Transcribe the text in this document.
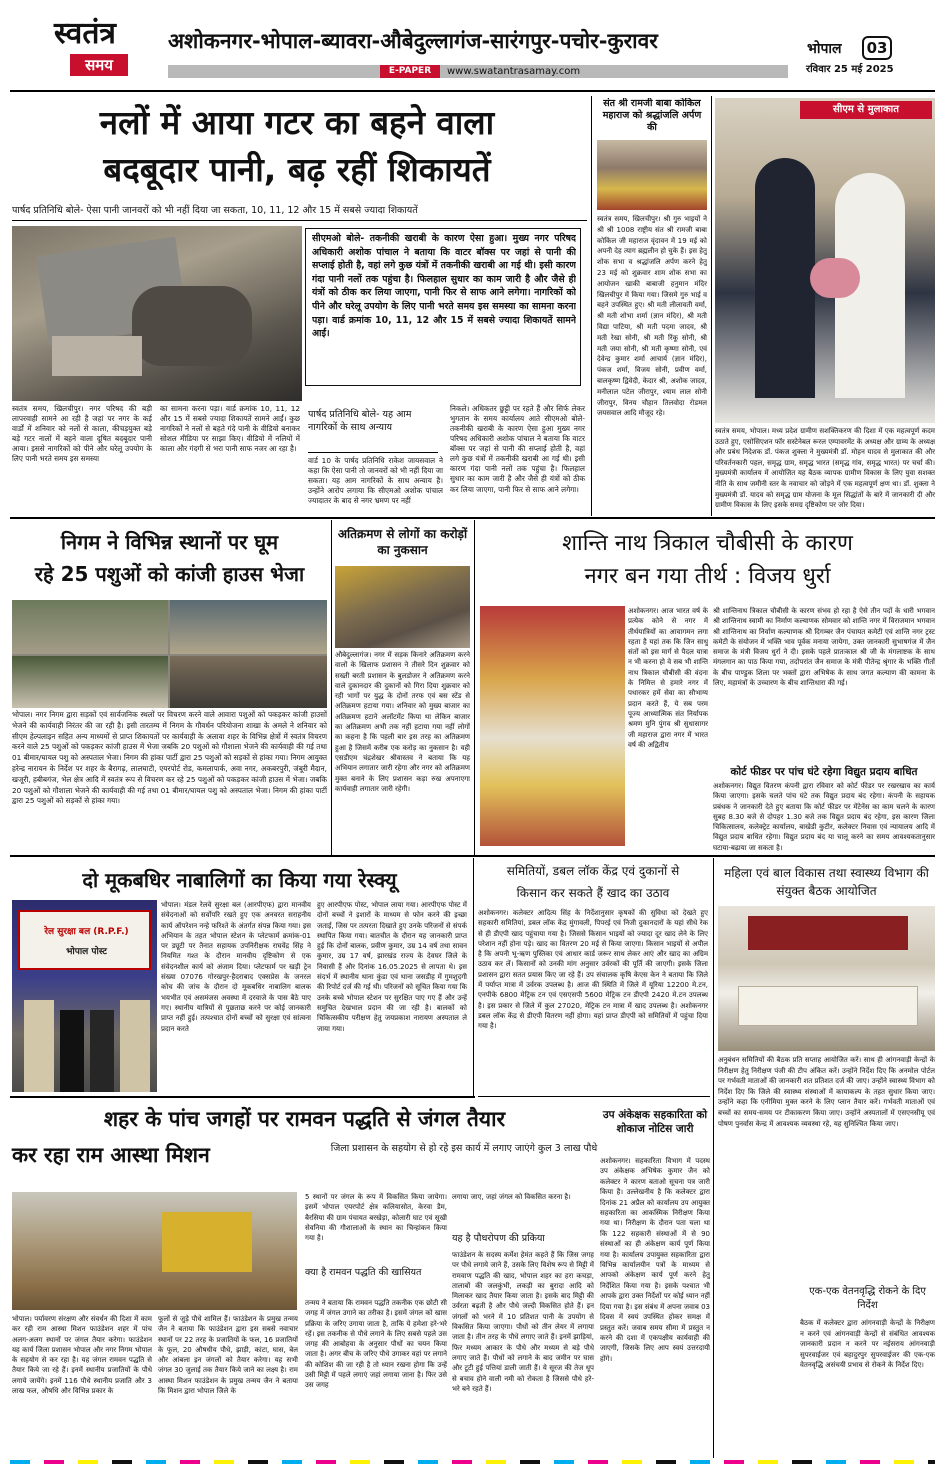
स्वतंत्र
समय
अशोकनगर-भोपाल-ब्यावरा-औबेदुल्लागंज-सारंगपुर-पचोर-कुरावर
E-PAPER	www.swatantrasamay.com
भोपाल	03
रविवार 25 मई 2025
नलों में आया गटर का बहने वाला
बदबूदार पानी, बढ़ रहीं शिकायतें
पार्षद प्रतिनिधि बोले- ऐसा पानी जानवरों को भी नहीं दिया जा सकता, 10, 11, 12 और 15 में सबसे ज्यादा शिकायतें
सीएमओ बोले- तकनीकी खराबी के कारण ऐसा हुआ। मुख्य नगर परिषद अधिकारी अशोक पांचाल ने बताया कि वाटर बॉक्स पर जहां से पानी की सप्लाई होती है, वहां लगे कुछ यंत्रों में तकनीकी खराबी आ गई थी। इसी कारण गंदा पानी नलों तक पहुंचा है। फिलहाल सुधार का काम जारी है और जैसे ही यंत्रों को ठीक कर लिया जाएगा, पानी फिर से साफ आने लगेगा। नागरिकों को पीने और घरेलू उपयोग के लिए पानी भरते समय इस समस्या का सामना करना पड़ा। वार्ड क्रमांक 10, 11, 12 और 15 में सबसे ज्यादा शिकायतें सामने आईं।
स्वतंत्र समय, खिलचीपुर। नगर परिषद की बड़ी लापरवाही सामने आ रही है जहां पर नगर के कई वार्डों में शनिवार को नलों से काला, कीचड़युक्त बड़े बड़े गटर नालों में बहने वाला दूषित बदबूदार पानी आया। इससे नागरिकों को पीने और घरेलू उपयोग के लिए पानी भरते समय इस समस्या
का सामना करना पड़ा। वार्ड क्रमांक 10, 11, 12 और 15 में सबसे ज्यादा शिकायतें सामने आईं। कुछ नागरिकों ने नलों से बहते गंदे पानी के वीडियो बनाकर सोशल मीडिया पर साझा किए। वीडियो में नलियों में काला और गंदगी से भरा पानी साफ नजर आ रहा है।
पार्षद प्रतिनिधि बोले- यह आम नागरिकों के साथ अन्याय
वार्ड 10 के पार्षद प्रतिनिधि राकेश जायसवाल ने कहा कि ऐसा पानी तो जानवरों को भी नहीं दिया जा सकता। यह आम नागरिकों के साथ अन्याय है। उन्होंने आरोप लगाया कि सीएमओ अशोक पांचाल ज्यादातर के बाद से नगर भ्रमण पर नहीं
निकले। अधिकतर छुट्टी पर रहते हैं और सिर्फ लेकर भुगतान के समय कार्यालय आते सीएमओ बोले- तकनीकी खराबी के कारण ऐसा हुआ मुख्य नगर परिषद अधिकारी अशोक पांचाल ने बताया कि वाटर बॉक्स पर जहां से पानी की सप्लाई होती है, वहां लगे कुछ यंत्रों में तकनीकी खराबी आ गई थी। इसी कारण गंदा पानी नलों तक पहुंचा है। फिलहाल सुधार का काम जारी है और जैसे ही यंत्रों को ठीक कर लिया जाएगा, पानी फिर से साफ आने लगेगा।
संत श्री रामजी बाबा कोकिल महाराज को श्रद्धांजलि अर्पण की
स्वतंत्र समय, खिलचीपुर। श्री गुरु भाइयों ने श्री श्री 1008 राष्ट्रीय संत श्री रामजी बाबा कोकिल जी महाराज वृंदावन में 19 मई को अपनी देह त्याग ब्रह्मलीन हो चुके हैं। इस हेतु शोक सभा व श्रद्धांजलि अर्पण करने हेतु 23 मई को शुक्रवार शाम शोक सभा का आयोजन खाकी बाबाजी हनुमान मंदिर खिलचीपुर में किया गया। जिसमे गुरु भाई व बहने उपस्थित हुए। श्री मती लीलावती वर्मा, श्री मती शोभा शर्मा (ज्ञान मंदिर), श्री मती विद्या पाटिया, श्री मती पदमा जादव, श्री मती रेखा सोनी, श्री मती रिंकू सोनी, श्री मती जया सोनी, श्री मती कृष्णा सोनी, एवं देवेन्द्र कुमार शर्मा आचार्य (ज्ञान मंदिर), पंकज शर्मा, विजय सोनी, प्रवीण वर्मा, बालकृष्ण द्विवेदी, केदार श्री, अशोक जादव, मनीलाल पटेल जीरापुर, श्याम लाल सोनी जीरापुर, विनय चौहान तिलवोदा रोडमल जयसवाल आदि मौजूद रहे।
सीएम से मुलाकात
स्वतंत्र समय, भोपाल। मध्य प्रदेश ग्रामीण सशक्तिकरण की दिशा में एक महत्वपूर्ण कदम उठाते हुए, एसोसिएशन फॉर सस्टेनेबल रूरल एम्पावरमेंट के अध्यक्ष और ग्राम्य के अध्यक्ष और प्रबंध निदेशक डॉ. पंकज शुक्ला ने मुख्यमंत्री डॉ. मोहन यादव से मुलाकात की और परिवर्तनकारी पहल, समृद्ध ग्राम, समृद्ध भारत (समृद्ध गांव, समृद्ध भारत) पर चर्चा की। मुख्यमंत्री कार्यालय में आयोजित यह बैठक व्यापक ग्रामीण विकास के लिए युवा सशक्त नीति के साथ जमीनी स्तर के नवाचार को जोड़ने में एक महत्वपूर्ण क्षण था। डॉ. शुक्ला ने मुख्यमंत्री डॉ. यादव को समृद्ध ग्राम योजना के मूल सिद्धांतों के बारे में जानकारी दी और ग्रामीण विकास के लिए इसके समग्र दृष्टिकोण पर जोर दिया।
निगम ने विभिन्न स्थानों पर घूम
रहे 25 पशुओं को कांजी हाउस भेजा
भोपाल। नगर निगम द्वारा सड़कों एवं सार्वजनिक स्थलों पर विचरण करने वाले आवारा पशुओं को पकड़कर कांजी हाउसों भेजने की कार्यवाही निरंतर की जा रही है। इसी तारतम्य में निगम के गौवर्धन परियोजना शाखा के अमले ने शनिवार को सीएम हेल्पलाइन सहित अन्य माध्यमों से प्राप्त शिकायतों पर कार्यवाही के अलावा शहर के विभिन्न क्षेत्रों में स्वतंत्र विचरण करने वाले 25 पशुओं को पकड़कर कांजी हाउस में भेजा जबकि 20 पशुओं को गौशाला भेजने की कार्यवाही की गई तथा 01 बीमार/घायल पशु को अस्पताल भेजा। निगम की हांका पार्टी द्वारा 25 पशुओं को सड़कों से हांका गया। निगम आयुक्त हरेन्द्र नारायन के निर्देश पर शहर के बैरागढ़, लालघाटी, एयरपोर्ट रोड, कमलापार्क, अवा नगर, अकबरपुरी, जंबूरी मैदान, खजूरी, हबीबगंज, भेल क्षेत्र आदि में स्वतंत्र रूप से विचरण कर रहे 25 पशुओं को पकड़कर कांजी हाउस में भेजा। जबकि 20 पशुओं को गौशाला भेजने की कार्यवाही की गई तथा 01 बीमार/घायल पशु को अस्पताल भेजा। निगम की हांका पार्टी द्वारा 25 पशुओं को सड़कों से हांका गया।
अतिक्रमण से लोगों का करोड़ों का नुकसान
औबेदुल्लागंज। नगर में सड़क किनारे अतिक्रमण करने वालों के खिलाफ प्रशासन ने तीसरे दिन शुक्रवार को सख्ती बरती प्रशासन के बुलडोजर ने अतिक्रमण करने वाले दुकानदार की दुकानों को गिरा दिया शुक्रवार को रही भागों पर युद्ध के दोनों तरफ एवं बस स्टेंड से अतिक्रमण हटाया गया। शनिवार को मुख्य बाजार का अतिक्रमण हटाने अलॉटमेंट किया था लेकिन बाजार का अतिक्रमण अभी तक नहीं हटाया गया नहीं लोगों का कहना है कि पहली बार इस तरह का अतिक्रमण हुआ है जिसमें करीब एक करोड़ का नुकसान है। वही एसडीएम चंद्रशेखर श्रीवास्तव ने बताया कि यह अभियान लगातार जारी रहेगा और नगर को अतिक्रमण मुक्त बनाने के लिए प्रशासन कड़ा रुख अपनाएगा कार्यवाही लगातार जारी रहेगी।
शान्ति नाथ त्रिकाल चौबीसी के कारण
नगर बन गया तीर्थ : विजय धुर्रा
अशोकनगर। आज भारत वर्ष के प्रत्येक कोने से नगर में तीर्थयात्रियों का आवागमन लगा रहता है यहां तक कि जिन साधु संतों को इस मार्ग से पैदल यात्रा न भी करना हो वे सब भी शान्ति नाथ त्रिकाल चौबीसी की वंदना के निमित्त से हमारे नगर में पधारकर हमें सेवा का सौभाग्य प्रदान करते हैं, ये सब परम पूज्य आध्यात्मिक संत निर्यापक श्रमण मुनि पुंगव श्री सुधासागर जी महाराज द्वारा नगर में भारत वर्ष की अद्वितीय
श्री शान्तिनाथ त्रिकाल चौबीसी के कारण संभव हो रहा है ऐसे तीन पदों के धारी भगवान श्री शान्तिनाथ स्वामी का निर्माण कल्याणक सोमवार को शान्ति नगर में विराजमान भगवान श्री शान्तिनाथ का निर्वाण कल्याणक श्री दिगम्बर जैन पंचायत कमेटी एवं शान्ति नगर ट्रस्ट कमेटी के संयोजन में भक्ति भाव पूर्वक मनाया जायेगा, उक्त जानकारी सुभाषगंज में जैन समाज के मंत्री विजय धुर्रा ने दी। इसके पहले प्रातःकाल श्री जी के मंगलाष्टक के साथ मंगलगान का पाठ किया गया, तदोपरांत जैन समाज के मंत्री पीतेन्द्र श्रृंगार के भक्ति गीतों के बीच पाण्डुक शिला पर भक्तों द्वारा अभिषेक के साथ जगत कल्याण की कामना के लिए, महामंत्रों के उच्चारण के बीच शान्तिधारा की गई।
कोर्ट फीडर पर पांच घंटे रहेगा विद्युत प्रदाय बाधित
अशोकनगर। विद्युत वितरण कंपनी द्वारा रविवार को कोर्ट फीडर पर रखरखाव का कार्य किया जाएगा। इसके चलते पांच घंटे तक विद्युत प्रदाय बंद रहेगा। कंपनी के सहायक प्रबंधक ने जानकारी देते हुए बताया कि कोर्ट फीडर पर मेंटेनेंस का काम चलने के कारण सुबह 8.30 बजे से दोपहर 1.30 बजे तक विद्युत प्रदाय बंद रहेगा, इस कारण जिला चिकित्सालय, कलेक्ट्रेट कार्यालय, बाखेडी कुटीर, कलेक्टर निवास एवं न्यायालय आदि में विद्युत प्रदाय बाधित रहेगा। विद्युत प्रदाय बंद या चालू करने का समय आवश्यकतानुसार घटाया-बढ़ाया जा सकता है।
दो मूकबधिर नाबालिगों का किया गया रेस्क्यू
रेल सुरक्षा बल (R.P.F.)
भोपाल पोस्ट
भोपाल। मंडल रेलवे सुरक्षा बल (आरपीएफ) द्वारा मानवीय संवेदनाओं को सर्वोपरि रखते हुए एक अनवरत सराहनीय कार्य ऑपरेशन नन्हे फरिश्ते के अंतर्गत संपन्न किया गया। इस अभियान के तहत भोपाल स्टेशन के प्लेटफार्म क्रमांक-01 पर ड्यूटी पर तैनात सहायक उपनिरीक्षक राघवेंद्र सिंह ने नियमित गश्त के दौरान मानवीय दृष्टिकोण से एक संवेदनशील कार्य को अंजाम दिया। प्लेटफार्म पर खड़ी ट्रेन संख्या 07076 गोरखपुर-हैदराबाद एक्सप्रेस के जनरल कोच की जांच के दौरान दो मूकबधिर नाबालिग बालक भयभीत एवं असमंजस अवस्था में दरवाजे के पास बैठे पाए गए। स्थानीय यात्रियों से पूछताछ करने पर कोई जानकारी प्राप्त नहीं हुई। तत्पश्चात दोनों बच्चों को सुरक्षा एवं सांत्वना प्रदान करते
हुए आरपीएफ पोस्ट, भोपाल लाया गया। आरपीएफ पोस्ट में दोनों बच्चों ने इशारों के माध्यम से फोन करने की इच्छा जताई, जिस पर तत्परता दिखाते हुए उनके परिजनों से संपर्क स्थापित किया गया। बातचीत के दौरान यह जानकारी प्राप्त हुई कि दोनों बालक, प्रवीण कुमार, उम्र 14 वर्ष तथा सावन कुमार, उम्र 17 वर्ष, झारखंड राज्य के देवघर जिले के निवासी हैं और दिनांक 16.05.2025 से लापता थे। इस संदर्भ में स्थानीय थाना कुंडा एवं थाना जसडीह में गुमशुदगी की रिपोर्ट दर्ज की गई थी। परिजनों को सूचित किया गया कि उनके बच्चे भोपाल स्टेशन पर सुरक्षित पाए गए हैं और उन्हें समुचित देखभाल प्रदान की जा रही है। बालकों को चिकित्सकीय परीक्षण हेतु जयप्रकाश नारायण अस्पताल ले जाया गया।
समितियों, डबल लॉक केंद्र एवं दुकानों से
किसान कर सकते हैं खाद का उठाव
अशोकनगर। कलेक्टर आदित्य सिंह के निर्देशानुसार कृषकों की सुविधा को देखते हुए सहकारी समितियां, डबल लॉक केंद्र मुंगावली, पिपरई एवं निजी दुकानदारों के यहां सीधे रेक से ही डीएपी खाद पहुंचाया गया है। जिससे किसान भाइयों को ज्यादा दूर खाद लेने के लिए परेशान नहीं होना पड़े। खाद का वितरण 20 मई से किया जाएगा। किसान भाइयों से अपील है कि अपनी भू-ऋण पुस्तिका एवं आधार कार्ड जरूर साथ लेकर आएं और खाद का अग्रिम उठाव कर लें। किसानों को उनकी मांग अनुसार उर्वरकों की पूर्ति की जाएगी। इसके जिला प्रशासन द्वारा सतत प्रयास किए जा रहे हैं। उप संचालक कृषि केएस केन ने बताया कि जिले में पर्याप्त मात्रा में उर्वरक उपलब्ध है। आज की स्थिति में जिले में यूरिया 12200 मे.टन, एनपीके 6800 मेट्रिक टन एवं एसएसपी 5600 मेट्रिक टन डीएपी 2420 मे.टन उपलब्ध है। इस प्रकार से जिले में कुल 27020, मेट्रिक टन मात्रा में खाद उपलब्ध है। अशोकनगर डबल लॉक केंद्र से डीएपी वितरण नहीं होगा। यहां प्राप्त डीएपी को समितियों में पहुंचा दिया गया है।
महिला एवं बाल विकास तथा स्वास्थ्य विभाग की संयुक्त बैठक आयोजित
अनुबंधन समितियों की बैठक प्रति सप्ताह आयोजित करें। साथ ही आंगनवाड़ी केन्द्रों के निरीक्षण हेतु निरीक्षण पंजी की टीप अंकित करें। उन्होंने निर्देश दिए कि अनमोल पोर्टल पर गर्भवती माताओं की जानकारी शत प्रतिशत दर्ज की जाए। उन्होंने स्वास्थ्य विभाग को निर्देश दिए कि जिले की स्वास्थ्य संस्थाओं में कायाकल्प के तहत सुधार किया जाए। उन्होंने कहा कि एनीमिया मुक्त करने के लिए प्लान तैयार करें। गर्भवती माताओं एवं बच्चों का समय-समय पर टीकाकरण किया जाए। उन्होंने अस्पतालों में एसएनसीयू एवं पोषण पुनर्वास केन्द्र में आवश्यक व्यवस्था रहे, यह सुनिश्चित किया जाए।
एक-एक वेतनवृद्धि रोकने के दिए निर्देश
बैठक में कलेक्टर द्वारा आंगनवाड़ी केन्द्रों के निरीक्षण न करने एवं आंगनवाड़ी केन्द्रों से संबंधित आवश्यक जानकारी प्रदान न करने पर नईसराय आंगनवाड़ी सुपरवाईजर एवं बहादुरपुर सुपरवाईजर की एक-एक वेतनवृद्धि असंचयी प्रभाव से रोकने के निर्देश दिए।
उप अंकेक्षक सहकारिता को शोकाज नोटिस जारी
शहर के पांच जगहों पर रामवन पद्धति से जंगल तैयार
कर रहा राम आस्था मिशन	जिला प्रशासन के सहयोग से हो रहे इस कार्य में लगाए जाएंगे कुल 3 लाख पौधे
भोपाल। पर्यावरण संरक्षण और संवर्धन की दिशा में काम कर रही राम आस्था मिशन फाउंडेशन शहर में पांच अलग-अलग स्थानों पर जंगल तैयार करेगा। फाउंडेशन यह कार्य जिला प्रशासन भोपाल और नगर निगम भोपाल के सहयोग से कर रहा है। यह जंगल रामवन पद्धति से तैयार किये जा रहे हैं। इनमें स्थानीय प्रजातियों के पौधे लगाये जायेंगे। इनमें 116 पौधे स्थानीय प्रजाति और 3 लाख फल, औषधि और विभिन्न प्रकार के
फूलों से जुड़े पौधे शामिल हैं। फाउंडेशन के प्रमुख तन्मय जैन ने बताया कि फाउंडेशन द्वारा इस सबसे नवाचार स्थानों पर 22 तरह के प्रजातियों के फल, 16 प्रजातियों के फूल, 20 औषधीय पौधे, झाड़ी, कांटा, घास, बेल और आंबला इन जंगलों को तैयार करेगा। यह सभी जंगल 30 जुलाई तक तैयार किये जाने का लक्ष्य है। राम आस्था मिशन फाउंडेशन के प्रमुख तन्मय जैन ने बताया कि मिशन द्वारा भोपाल जिले के
5 स्थानों पर जंगल के रूप में विकसित किया जायेगा। इसमें भोपाल एयरपोर्ट क्षेत्र कलियासोत, केरवा डैम, बैरसिया की ग्राम पंचायत बरखेड़ा, कोलारी घाट एवं सूखी सेवनिया की गौशालाओं के स्थान का चिन्हांकन किया गया है।
क्या है रामवन पद्धति की खासियत
तन्मय ने बताया कि रामवन पद्धति तकनीक एक छोटी सी जगह में जंगल उगाने का तरीका है। इसमें जंगल को खास प्रक्रिया के जरिए उगाया जाता है, ताकि ये हमेशा हरे-भरे रहें। इस तकनीक से पौधे लगाने के लिए सबसे पहले उस जगह की आबोहवा के अनुसार पौधों का चयन किया जाता है। अगर बीच के जरिए पौधे उगाकर वहां पर लगाने की कोशिश की जा रही है तो ध्यान रखना होगा कि उन्हें उसी मिट्टी में पहले लगाएं जहां लगाया जाना है। फिर उसे उस जगह
लगाया जाए, जहां जंगल को विकसित करना है।
यह है पौधरोपण की प्रकिया
फाउंडेशन के सदस्य कर्मेश हेमंत कहते हैं कि जिस जगह पर पौधे लगाये जाने हैं, उसके लिए विशेष रूप से मिट्टी में रामवाण पद्धति की खाद, भोपाल शहर का हरा कचड़ा, तालाबों की जलकुंभी, लकड़ी का बुरादा आदि को मिलाकर खाद तैयार किया जाता है। इसके बाद मिट्टी की उर्वरता बढ़ती है और पौधे जल्दी विकसित होते हैं। इन जंगलों को भरने में 10 प्रतिशत पानी के उपयोग से विकसित किया जाएगा। पौधों को तीन लेयर में लगाया जाता है। तीन तरह के पौधे लगाए जाते हैं। इनमें झाड़ियां, फिर मध्यम आकार के पौधे और मध्यम से बड़े पौधे लगाए जाते हैं। पौधों को लगाने के बाद जमीन पर घास और टूटी हुई पत्तियां डाली जाती हैं। ये सूरज की तेज धूप से बचाव होने वाली नमी को रोकता है जिससे पौधे हरे-भरे बने रहते हैं।
अशोकनगर। सहकारिता विभाग में पदस्थ उप अंकेक्षक अभिषेक कुमार जैन को कलेक्टर ने कारण बताओ सूचना पत्र जारी किया है। उल्लेखनीय है कि कलेक्टर द्वारा दिनांक 21 अप्रैल को कार्यालय उप आयुक्त सहकारिता का आकस्मिक निरीक्षण किया गया था। निरीक्षण के दौरान पता चला था कि 122 सहकारी संस्थाओं में से 90 संस्थाओं का ही अंकेक्षण कार्य पूर्ण किया गया है। कार्यालय उपायुक्त सहकारिता द्वारा विभिन्न कार्यालयीन पत्रों के माध्यम से आपको अंकेक्षण कार्य पूर्ण करने हेतु निर्देशित किया गया है। इसके पश्चात भी आपके द्वारा उक्त निर्देशों पर कोई ध्यान नहीं दिया गया है। इस संबंध में अपना जवाब 03 दिवस में स्वयं उपस्थित होकर समक्ष में प्रस्तुत करें। जवाब समय सीमा में प्रस्तुत न करने की दशा में एकपक्षीय कार्यवाही की जाएगी, जिसके लिए आप स्वयं उत्तरदायी होंगे।
